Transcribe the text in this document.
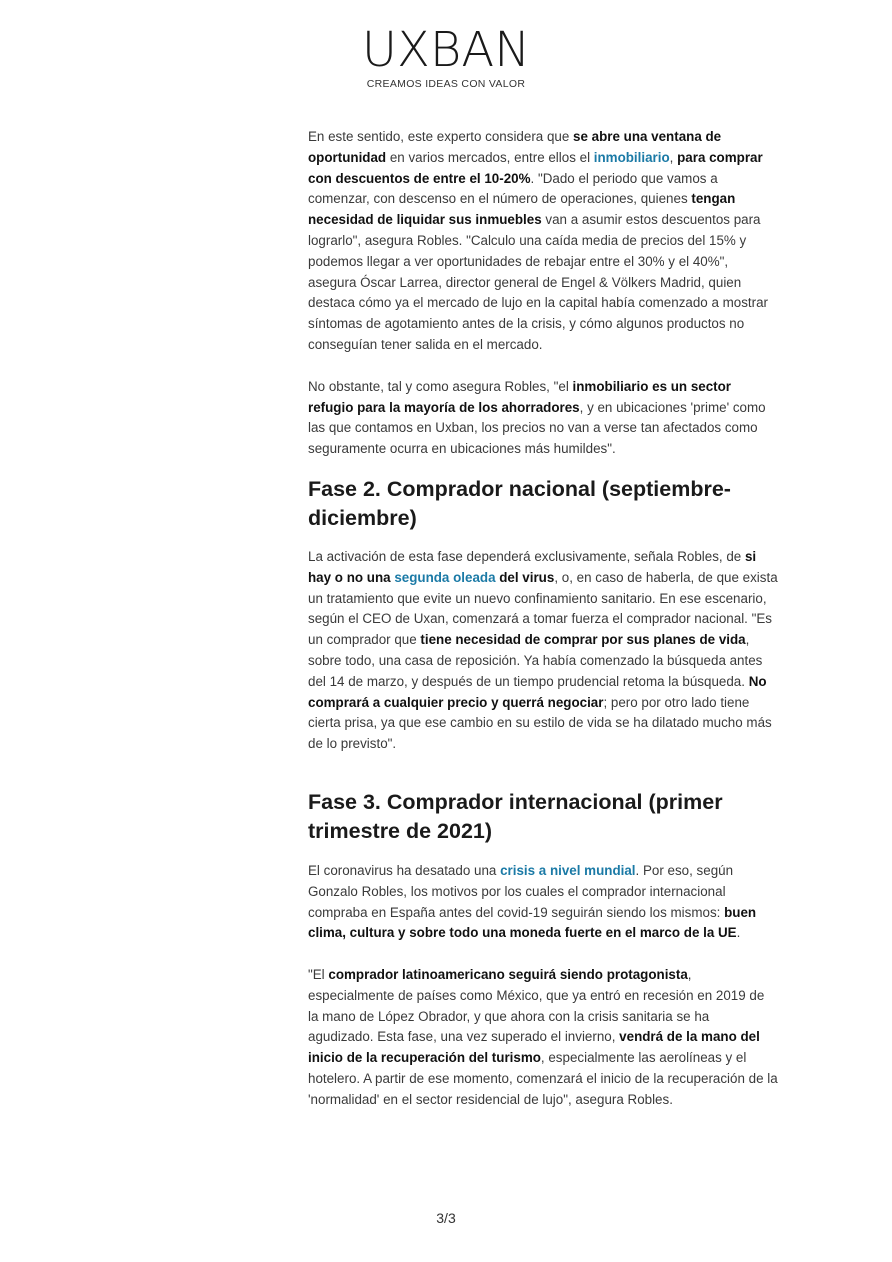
UXBAN
CREAMOS IDEAS CON VALOR

En este sentido, este experto considera que se abre una ventana de oportunidad en varios mercados, entre ellos el inmobiliario, para comprar con descuentos de entre el 10-20%. "Dado el periodo que vamos a comenzar, con descenso en el número de operaciones, quienes tengan necesidad de liquidar sus inmuebles van a asumir estos descuentos para lograrlo", asegura Robles. "Calculo una caída media de precios del 15% y podemos llegar a ver oportunidades de rebajar entre el 30% y el 40%", asegura Óscar Larrea, director general de Engel & Völkers Madrid, quien destaca cómo ya el mercado de lujo en la capital había comenzado a mostrar síntomas de agotamiento antes de la crisis, y cómo algunos productos no conseguían tener salida en el mercado.

No obstante, tal y como asegura Robles, "el inmobiliario es un sector refugio para la mayoría de los ahorradores, y en ubicaciones 'prime' como las que contamos en Uxban, los precios no van a verse tan afectados como seguramente ocurra en ubicaciones más humildes".

Fase 2. Comprador nacional (septiembre-diciembre)

La activación de esta fase dependerá exclusivamente, señala Robles, de si hay o no una segunda oleada del virus, o, en caso de haberla, de que exista un tratamiento que evite un nuevo confinamiento sanitario. En ese escenario, según el CEO de Uxan, comenzará a tomar fuerza el comprador nacional. "Es un comprador que tiene necesidad de comprar por sus planes de vida, sobre todo, una casa de reposición. Ya había comenzado la búsqueda antes del 14 de marzo, y después de un tiempo prudencial retoma la búsqueda. No comprará a cualquier precio y querrá negociar; pero por otro lado tiene cierta prisa, ya que ese cambio en su estilo de vida se ha dilatado mucho más de lo previsto".

Fase 3. Comprador internacional (primer trimestre de 2021)

El coronavirus ha desatado una crisis a nivel mundial. Por eso, según Gonzalo Robles, los motivos por los cuales el comprador internacional compraba en España antes del covid-19 seguirán siendo los mismos: buen clima, cultura y sobre todo una moneda fuerte en el marco de la UE.

"El comprador latinoamericano seguirá siendo protagonista, especialmente de países como México, que ya entró en recesión en 2019 de la mano de López Obrador, y que ahora con la crisis sanitaria se ha agudizado. Esta fase, una vez superado el invierno, vendrá de la mano del inicio de la recuperación del turismo, especialmente las aerolíneas y el hotelero. A partir de ese momento, comenzará el inicio de la recuperación de la 'normalidad' en el sector residencial de lujo", asegura Robles.

3/3
